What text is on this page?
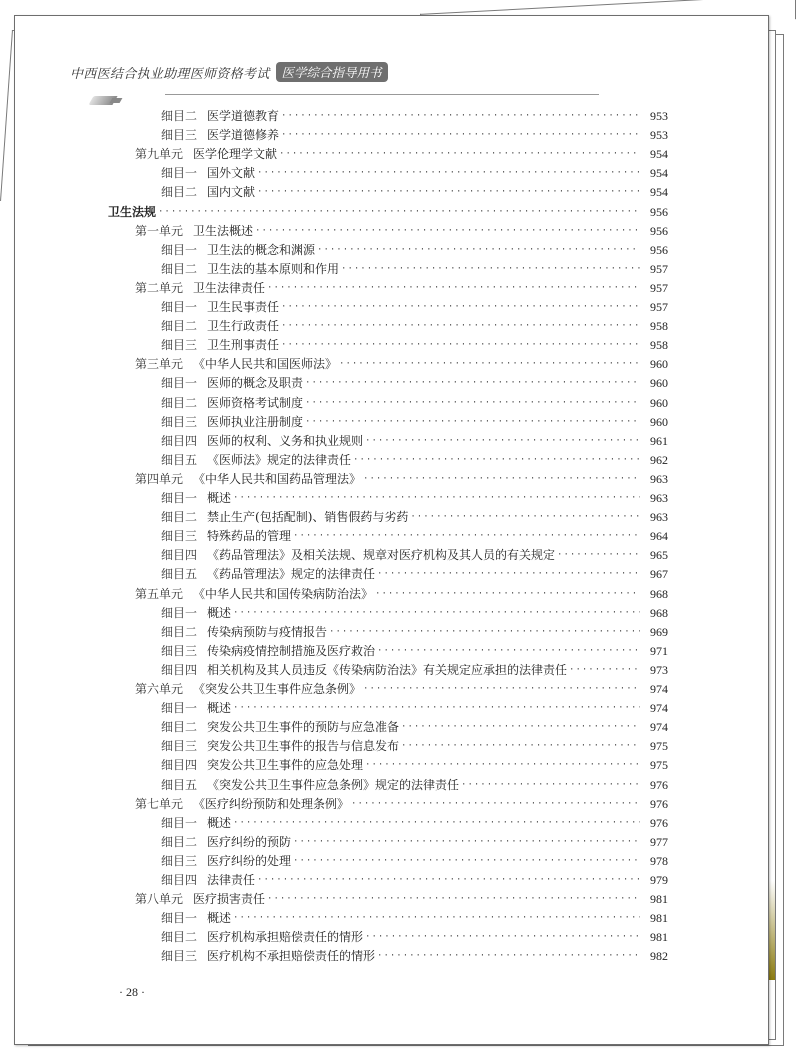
中西医结合执业助理医师资格考试 医学综合指导用书
细目二 医学道德教育 ·····	953
细目三 医学道德修养 ·····	953
第九单元 医学伦理学文献 ·····	954
细目一 国外文献 ·····	954
细目二 国内文献 ·····	954
卫生法规 ·····	956
第一单元 卫生法概述 ·····	956
细目一 卫生法的概念和渊源 ·····	956
细目二 卫生法的基本原则和作用 ·····	957
第二单元 卫生法律责任 ·····	957
细目一 卫生民事责任 ·····	957
细目二 卫生行政责任 ·····	958
细目三 卫生刑事责任 ·····	958
第三单元 《中华人民共和国医师法》 ·····	960
细目一 医师的概念及职责 ·····	960
细目二 医师资格考试制度 ·····	960
细目三 医师执业注册制度 ·····	960
细目四 医师的权利、义务和执业规则 ·····	961
细目五 《医师法》规定的法律责任 ·····	962
第四单元 《中华人民共和国药品管理法》 ·····	963
细目一 概述 ·····	963
细目二 禁止生产(包括配制)、销售假药与劣药 ·····	963
细目三 特殊药品的管理 ·····	964
细目四 《药品管理法》及相关法规、规章对医疗机构及其人员的有关规定 ·····	965
细目五 《药品管理法》规定的法律责任 ·····	967
第五单元 《中华人民共和国传染病防治法》 ·····	968
细目一 概述 ·····	968
细目二 传染病预防与疫情报告 ·····	969
细目三 传染病疫情控制措施及医疗救治 ·····	971
细目四 相关机构及其人员违反《传染病防治法》有关规定应承担的法律责任 ·····	973
第六单元 《突发公共卫生事件应急条例》 ·····	974
细目一 概述 ·····	974
细目二 突发公共卫生事件的预防与应急准备 ·····	974
细目三 突发公共卫生事件的报告与信息发布 ·····	975
细目四 突发公共卫生事件的应急处理 ·····	975
细目五 《突发公共卫生事件应急条例》规定的法律责任 ·····	976
第七单元 《医疗纠纷预防和处理条例》 ·····	976
细目一 概述 ·····	976
细目二 医疗纠纷的预防 ·····	977
细目三 医疗纠纷的处理 ·····	978
细目四 法律责任 ·····	979
第八单元 医疗损害责任 ·····	981
细目一 概述 ·····	981
细目二 医疗机构承担赔偿责任的情形 ·····	981
细目三 医疗机构不承担赔偿责任的情形 ·····	982
· 28 ·
